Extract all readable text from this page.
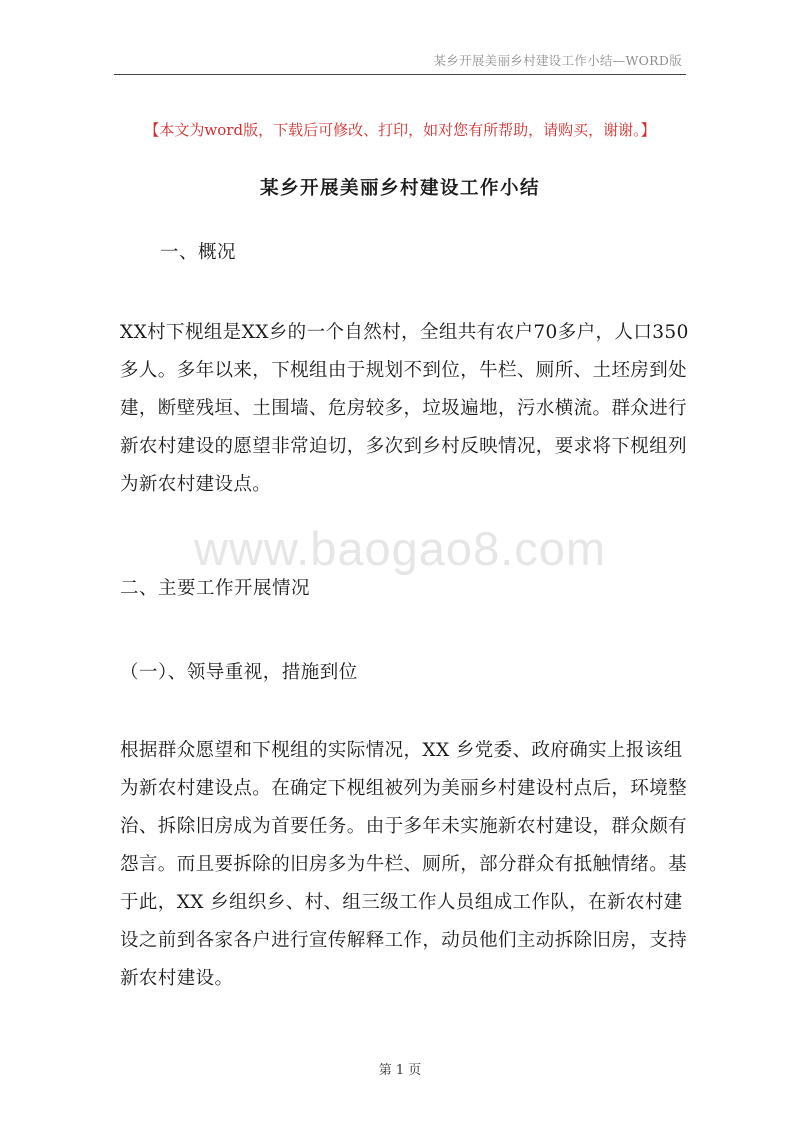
某乡开展美丽乡村建设工作小结—WORD版
【本文为word版，下载后可修改、打印，如对您有所帮助，请购买，谢谢。】
某乡开展美丽乡村建设工作小结
一、概况
XX村下枧组是XX乡的一个自然村，全组共有农户70多户，人口350
多人。多年以来，下枧组由于规划不到位，牛栏、厕所、土坯房到处
建，断壁残垣、土围墙、危房较多，垃圾遍地，污水横流。群众进行
新农村建设的愿望非常迫切，多次到乡村反映情况，要求将下枧组列
为新农村建设点。
www.baogao8.com
二、主要工作开展情况
（一）、领导重视，措施到位
根据群众愿望和下枧组的实际情况，XX 乡党委、政府确实上报该组
为新农村建设点。在确定下枧组被列为美丽乡村建设村点后，环境整
治、拆除旧房成为首要任务。由于多年未实施新农村建设，群众颇有
怨言。而且要拆除的旧房多为牛栏、厕所，部分群众有抵触情绪。基
于此，XX 乡组织乡、村、组三级工作人员组成工作队，在新农村建
设之前到各家各户进行宣传解释工作，动员他们主动拆除旧房，支持
新农村建设。
第 1 页
